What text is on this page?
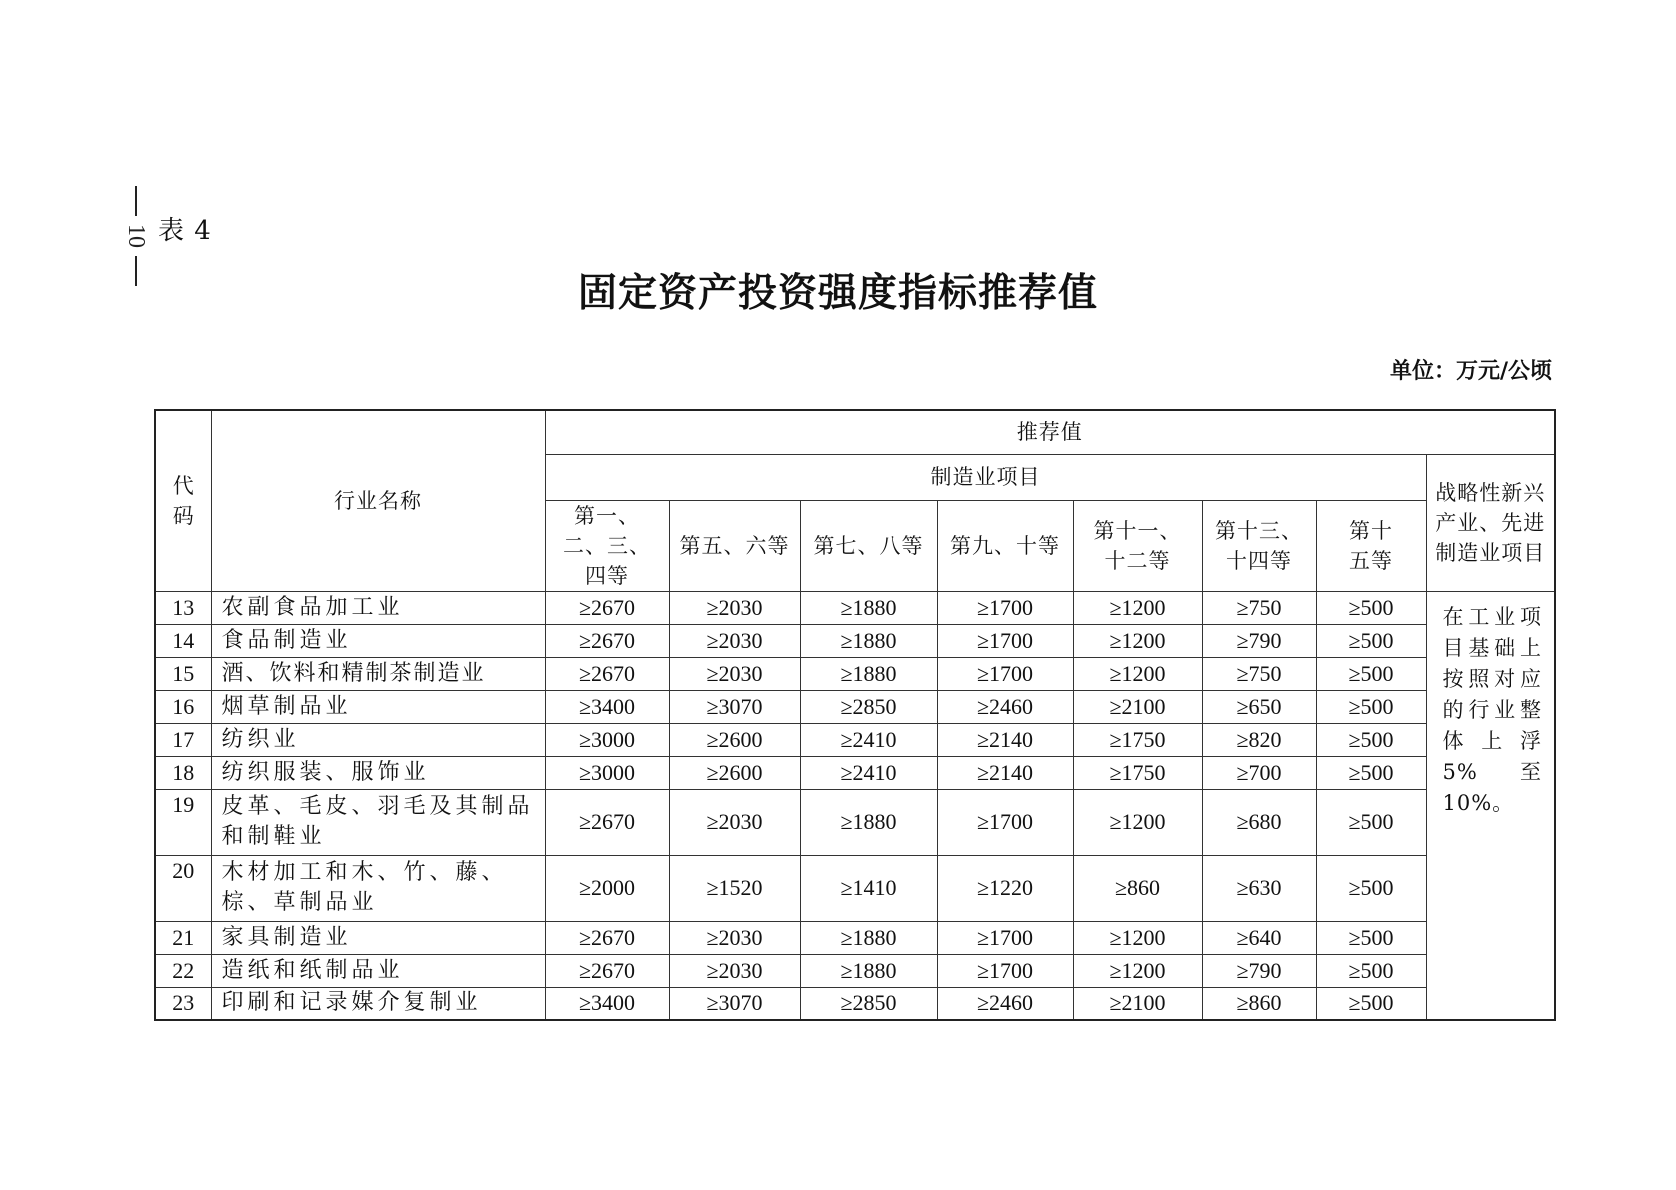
10 表 4
固定资产投资强度指标推荐值
单位：万元/公顷
代码	行业名称	推荐值							
		制造业项目							战略性新兴产业、先进制造业项目
		第一、二、三、四等	第五、六等	第七、八等	第九、十等	第十一、十二等	第十三、十四等	第十五等	
13	农副食品加工业	≥2670	≥2030	≥1880	≥1700	≥1200	≥750	≥500	在工业项目基础上按照对应的行业整体上浮 5%至 10%。
14	食品制造业	≥2670	≥2030	≥1880	≥1700	≥1200	≥790	≥500	
15	酒、饮料和精制茶制造业	≥2670	≥2030	≥1880	≥1700	≥1200	≥750	≥500	
16	烟草制品业	≥3400	≥3070	≥2850	≥2460	≥2100	≥650	≥500	
17	纺织业	≥3000	≥2600	≥2410	≥2140	≥1750	≥820	≥500	
18	纺织服装、服饰业	≥3000	≥2600	≥2410	≥2140	≥1750	≥700	≥500	
19	皮革、毛皮、羽毛及其制品和制鞋业	≥2670	≥2030	≥1880	≥1700	≥1200	≥680	≥500	
20	木材加工和木、竹、藤、棕、草制品业	≥2000	≥1520	≥1410	≥1220	≥860	≥630	≥500	
21	家具制造业	≥2670	≥2030	≥1880	≥1700	≥1200	≥640	≥500	
22	造纸和纸制品业	≥2670	≥2030	≥1880	≥1700	≥1200	≥790	≥500	
23	印刷和记录媒介复制业	≥3400	≥3070	≥2850	≥2460	≥2100	≥860	≥500	
